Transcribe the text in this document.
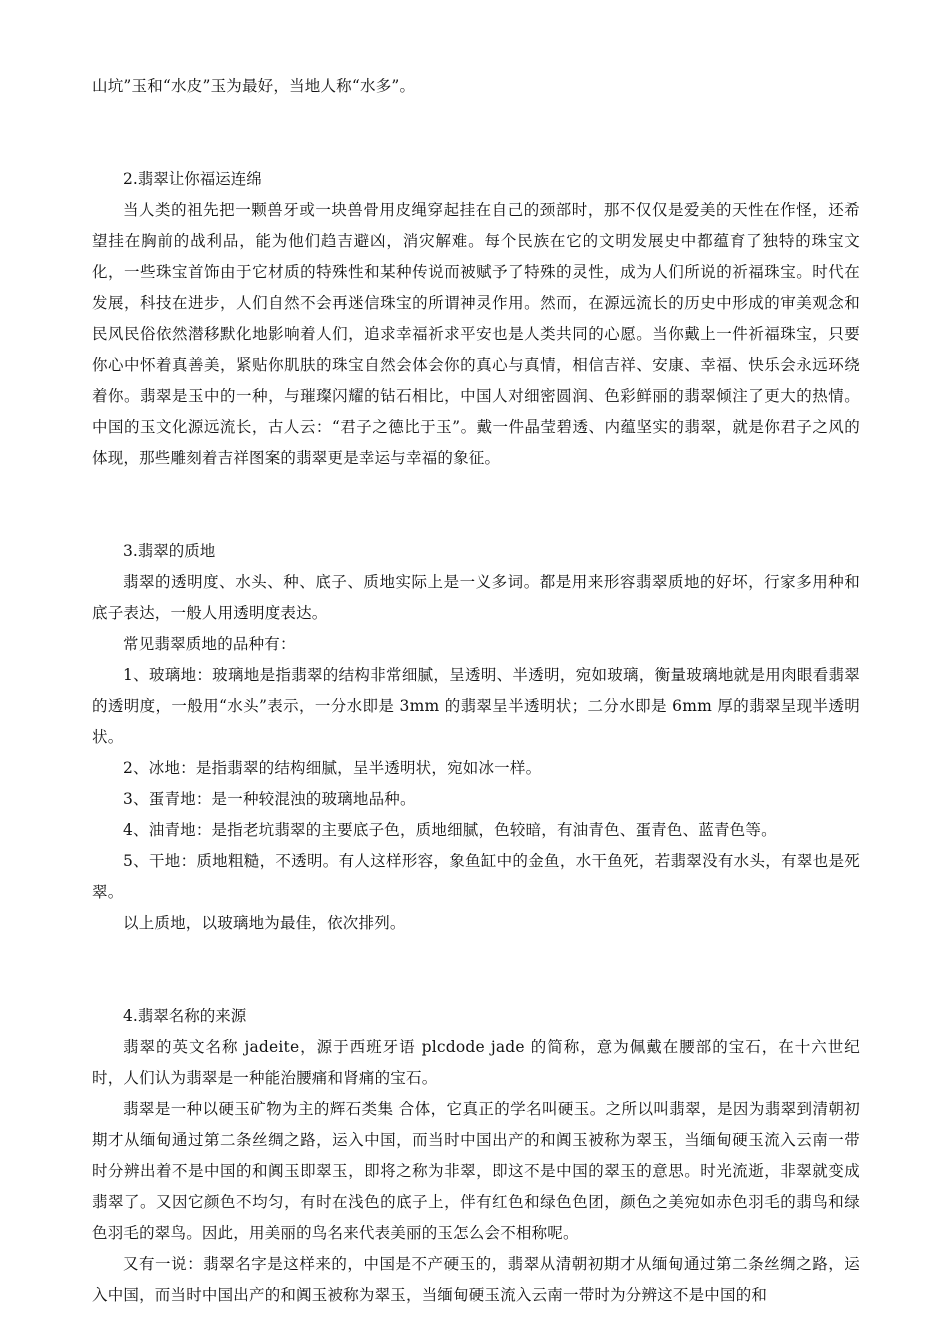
山坑”玉和“水皮”玉为最好，当地人称“水多”。

2.翡翠让你福运连绵

当人类的祖先把一颗兽牙或一块兽骨用皮绳穿起挂在自己的颈部时，那不仅仅是爱美的天性在作怪，还希望挂在胸前的战利品，能为他们趋吉避凶，消灾解难。每个民族在它的文明发展史中都蕴育了独特的珠宝文化，一些珠宝首饰由于它材质的特殊性和某种传说而被赋予了特殊的灵性，成为人们所说的祈福珠宝。时代在发展，科技在进步，人们自然不会再迷信珠宝的所谓神灵作用。然而，在源远流长的历史中形成的审美观念和民风民俗依然潜移默化地影响着人们，追求幸福祈求平安也是人类共同的心愿。当你戴上一件祈福珠宝，只要你心中怀着真善美，紧贴你肌肤的珠宝自然会体会你的真心与真情，相信吉祥、安康、幸福、快乐会永远环绕着你。翡翠是玉中的一种，与璀璨闪耀的钻石相比，中国人对细密圆润、色彩鲜丽的翡翠倾注了更大的热情。中国的玉文化源远流长，古人云：“君子之德比于玉”。戴一件晶莹碧透、内蕴坚实的翡翠，就是你君子之风的体现，那些雕刻着吉祥图案的翡翠更是幸运与幸福的象征。

3.翡翠的质地

翡翠的透明度、水头、种、底子、质地实际上是一义多词。都是用来形容翡翠质地的好坏，行家多用种和底子表达，一般人用透明度表达。

常见翡翠质地的品种有：

1、玻璃地：玻璃地是指翡翠的结构非常细腻，呈透明、半透明，宛如玻璃，衡量玻璃地就是用肉眼看翡翠的透明度，一般用“水头”表示，一分水即是 3mm 的翡翠呈半透明状；二分水即是 6mm 厚的翡翠呈现半透明状。

2、冰地：是指翡翠的结构细腻，呈半透明状，宛如冰一样。

3、蛋青地：是一种较混浊的玻璃地品种。

4、油青地：是指老坑翡翠的主要底子色，质地细腻，色较暗，有油青色、蛋青色、蓝青色等。

5、干地：质地粗糙，不透明。有人这样形容，象鱼缸中的金鱼，水干鱼死，若翡翠没有水头，有翠也是死翠。

以上质地，以玻璃地为最佳，依次排列。

4.翡翠名称的来源

翡翠的英文名称 jadeite，源于西班牙语 plcdode jade 的简称，意为佩戴在腰部的宝石，在十六世纪时，人们认为翡翠是一种能治腰痛和肾痛的宝石。

翡翠是一种以硬玉矿物为主的辉石类集 合体，它真正的学名叫硬玉。之所以叫翡翠，是因为翡翠到清朝初期才从缅甸通过第二条丝绸之路，运入中国，而当时中国出产的和阗玉被称为翠玉，当缅甸硬玉流入云南一带时分辨出着不是中国的和阗玉即翠玉，即将之称为非翠，即这不是中国的翠玉的意思。时光流逝，非翠就变成翡翠了。又因它颜色不均匀，有时在浅色的底子上，伴有红色和绿色色团，颜色之美宛如赤色羽毛的翡鸟和绿色羽毛的翠鸟。因此，用美丽的鸟名来代表美丽的玉怎么会不相称呢。

又有一说：翡翠名字是这样来的，中国是不产硬玉的，翡翠从清朝初期才从缅甸通过第二条丝绸之路，运入中国，而当时中国出产的和阗玉被称为翠玉，当缅甸硬玉流入云南一带时为分辨这不是中国的和
